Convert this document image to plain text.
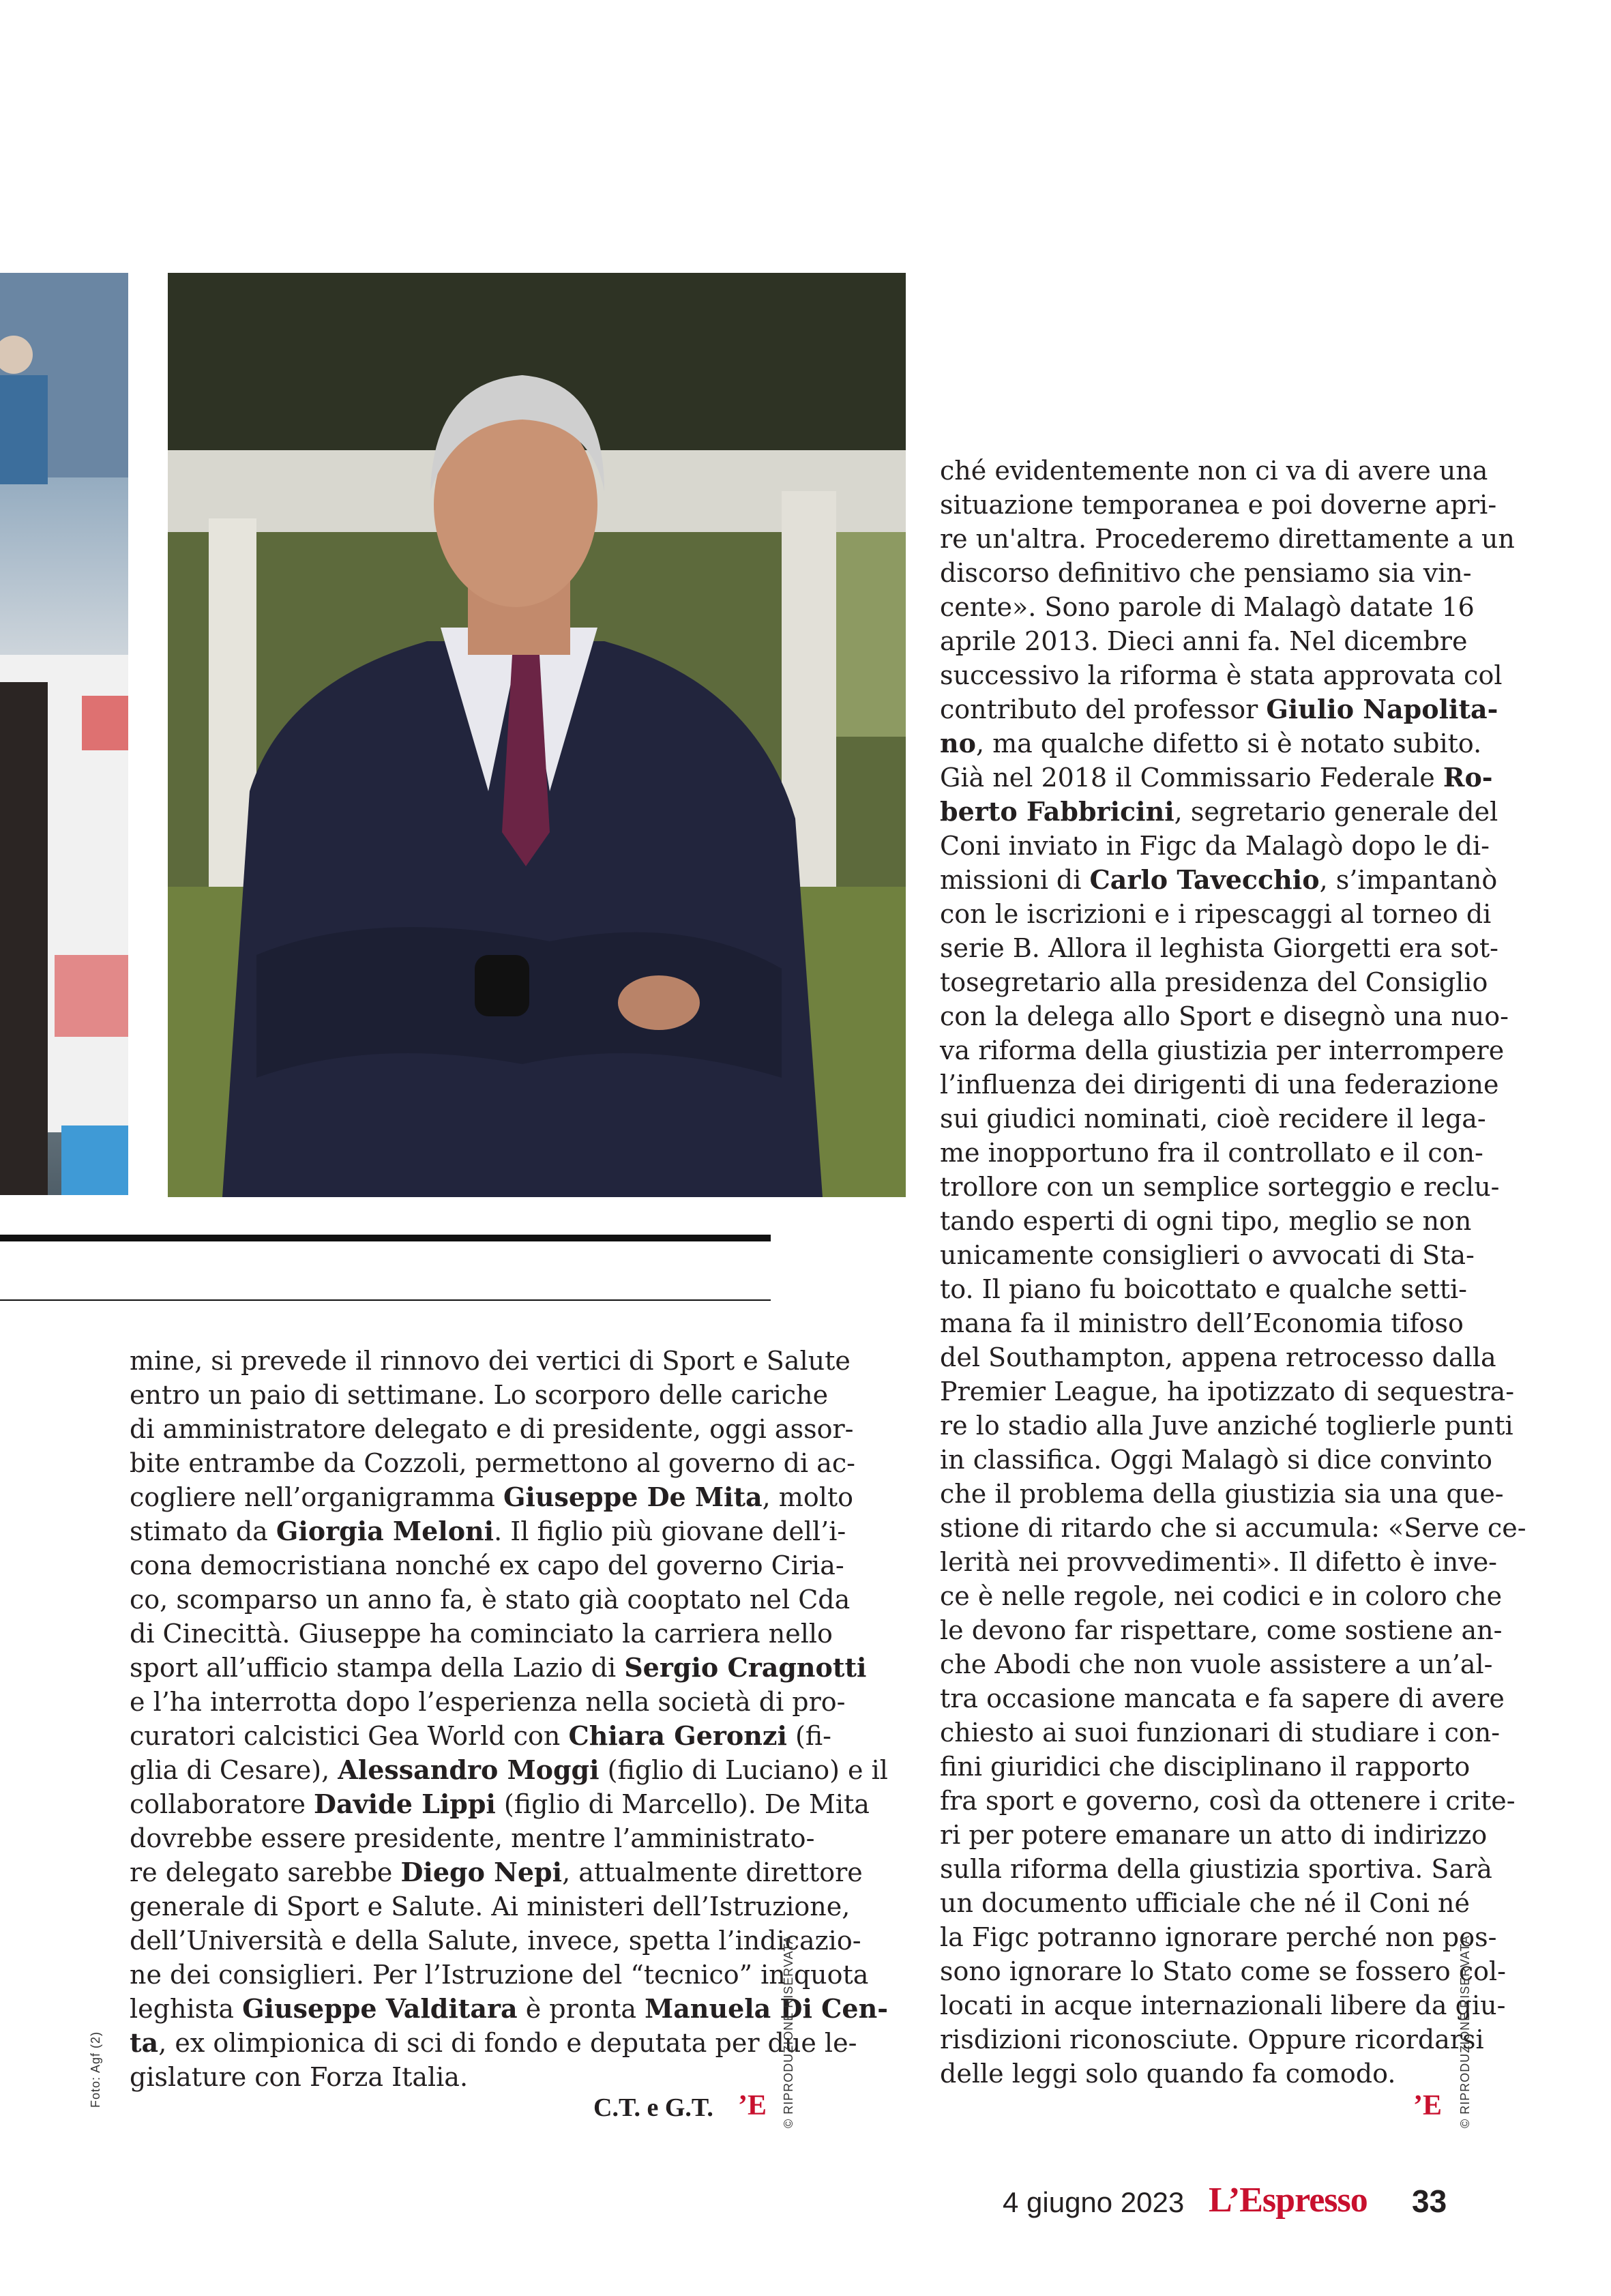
mine, si prevede il rinnovo dei vertici di Sport e Salute

entro un paio di settimane. Lo scorporo delle cariche

di amministratore delegato e di presidente, oggi assor-

bite entrambe da Cozzoli, permettono al governo di ac-

cogliere nell’organigramma Giuseppe De Mita, molto

stimato da Giorgia Meloni. Il figlio più giovane dell’i-

cona democristiana nonché ex capo del governo Ciria-

co, scomparso un anno fa, è stato già cooptato nel Cda

di Cinecittà. Giuseppe ha cominciato la carriera nello

sport all’ufficio stampa della Lazio di Sergio Cragnotti

e l’ha interrotta dopo l’esperienza nella società di pro-

curatori calcistici Gea World con Chiara Geronzi (fi-

glia di Cesare), Alessandro Moggi (figlio di Luciano) e il

collaboratore Davide Lippi (figlio di Marcello). De Mita

dovrebbe essere presidente, mentre l’amministrato-

re delegato sarebbe Diego Nepi, attualmente direttore

generale di Sport e Salute. Ai ministeri dell’Istruzione,

dell’Università e della Salute, invece, spetta l’indicazio-

ne dei consiglieri. Per l’Istruzione del “tecnico” in quota

leghista Giuseppe Valditara è pronta Manuela Di Cen-

ta, ex olimpionica di sci di fondo e deputata per due le-

gislature con Forza Italia.

C.T. e G.T. ’E

ché evidentemente non ci va di avere una

situazione temporanea e poi doverne apri-

re un'altra. Procederemo direttamente a un

discorso definitivo che pensiamo sia vin-

cente». Sono parole di Malagò datate 16

aprile 2013. Dieci anni fa. Nel dicembre

successivo la riforma è stata approvata col

contributo del professor Giulio Napolita-

no, ma qualche difetto si è notato subito.

Già nel 2018 il Commissario Federale Ro-

berto Fabbricini, segretario generale del

Coni inviato in Figc da Malagò dopo le di-

missioni di Carlo Tavecchio, s’impantanò

con le iscrizioni e i ripescaggi al torneo di

serie B. Allora il leghista Giorgetti era sot-

tosegretario alla presidenza del Consiglio

con la delega allo Sport e disegnò una nuo-

va riforma della giustizia per interrompere

l’influenza dei dirigenti di una federazione

sui giudici nominati, cioè recidere il lega-

me inopportuno fra il controllato e il con-

trollore con un semplice sorteggio e reclu-

tando esperti di ogni tipo, meglio se non

unicamente consiglieri o avvocati di Sta-

to. Il piano fu boicottato e qualche setti-

mana fa il ministro dell’Economia tifoso

del Southampton, appena retrocesso dalla

Premier League, ha ipotizzato di sequestra-

re lo stadio alla Juve anziché toglierle punti

in classifica. Oggi Malagò si dice convinto

che il problema della giustizia sia una que-

stione di ritardo che si accumula: «Serve ce-

lerità nei provvedimenti». Il difetto è inve-

ce è nelle regole, nei codici e in coloro che

le devono far rispettare, come sostiene an-

che Abodi che non vuole assistere a un’al-

tra occasione mancata e fa sapere di avere

chiesto ai suoi funzionari di studiare i con-

fini giuridici che disciplinano il rapporto

fra sport e governo, così da ottenere i crite-

ri per potere emanare un atto di indirizzo

sulla riforma della giustizia sportiva. Sarà

un documento ufficiale che né il Coni né

la Figc potranno ignorare perché non pos-

sono ignorare lo Stato come se fossero col-

locati in acque internazionali libere da giu-

risdizioni riconosciute. Oppure ricordarsi

delle leggi solo quando fa comodo.

’E
Foto: Agf (2)	© RIPRODUZIONE RISERVATA	© RIPRODUZIONE RISERVATA
4 giugno 2023 L’Espresso 33
